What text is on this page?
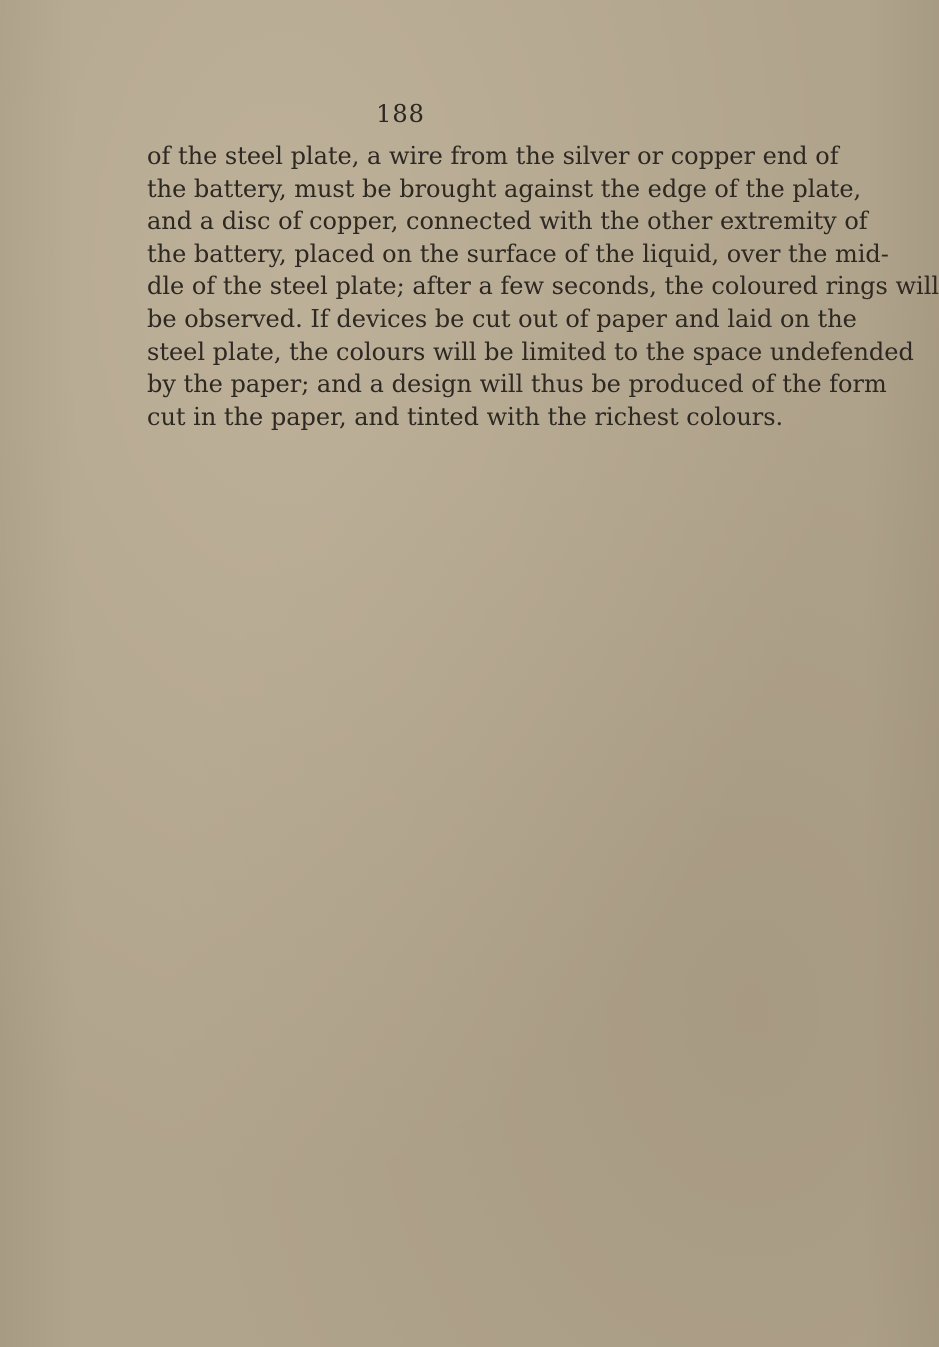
188

of the steel plate, a wire from the silver or copper end of
the battery, must be brought against the edge of the plate,
and a disc of copper, connected with the other extremity of
the battery, placed on the surface of the liquid, over the mid-
dle of the steel plate; after a few seconds, the coloured rings will
be observed. If devices be cut out of paper and laid on the
steel plate, the colours will be limited to the space undefended
by the paper; and a design will thus be produced of the form
cut in the paper, and tinted with the richest colours.
